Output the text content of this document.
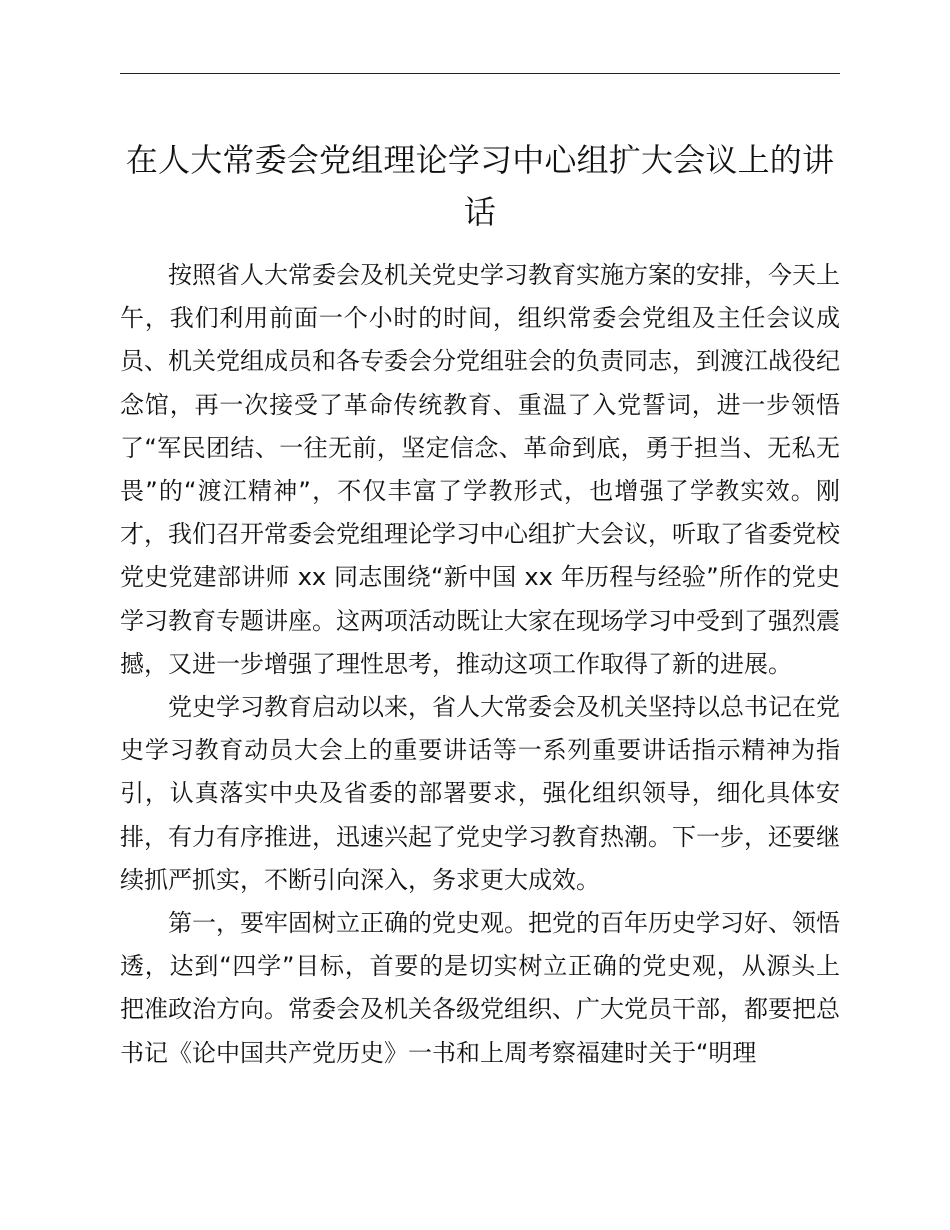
在人大常委会党组理论学习中心组扩大会议上的讲话

按照省人大常委会及机关党史学习教育实施方案的安排，今天上午，我们利用前面一个小时的时间，组织常委会党组及主任会议成员、机关党组成员和各专委会分党组驻会的负责同志，到渡江战役纪念馆，再一次接受了革命传统教育、重温了入党誓词，进一步领悟了“军民团结、一往无前，坚定信念、革命到底，勇于担当、无私无畏”的“渡江精神”，不仅丰富了学教形式，也增强了学教实效。刚才，我们召开常委会党组理论学习中心组扩大会议，听取了省委党校党史党建部讲师 xx 同志围绕“新中国 xx 年历程与经验”所作的党史学习教育专题讲座。这两项活动既让大家在现场学习中受到了强烈震撼，又进一步增强了理性思考，推动这项工作取得了新的进展。

党史学习教育启动以来，省人大常委会及机关坚持以总书记在党史学习教育动员大会上的重要讲话等一系列重要讲话指示精神为指引，认真落实中央及省委的部署要求，强化组织领导，细化具体安排，有力有序推进，迅速兴起了党史学习教育热潮。下一步，还要继续抓严抓实，不断引向深入，务求更大成效。

第一，要牢固树立正确的党史观。把党的百年历史学习好、领悟透，达到“四学”目标，首要的是切实树立正确的党史观，从源头上把准政治方向。常委会及机关各级党组织、广大党员干部，都要把总书记《论中国共产党历史》一书和上周考察福建时关于“明理
